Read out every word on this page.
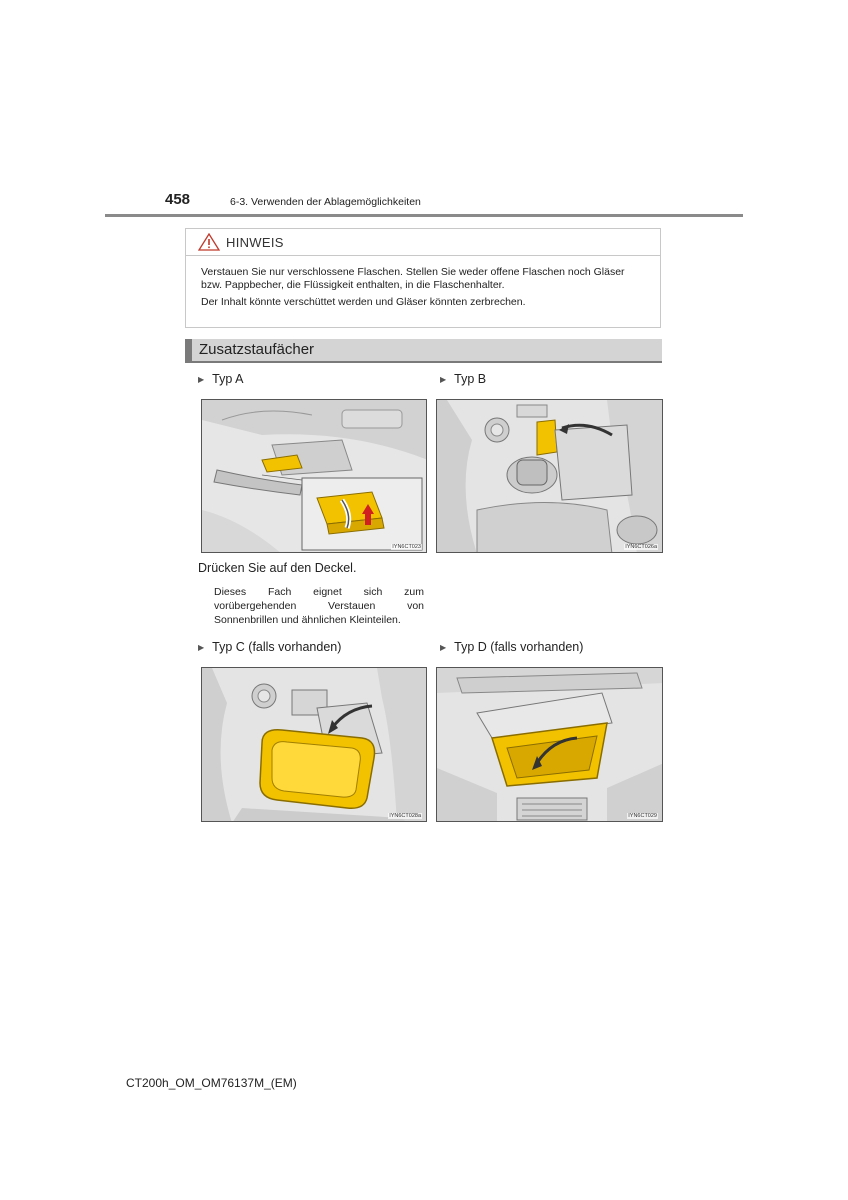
458	6-3. Verwenden der Ablagemöglichkeiten
HINWEIS

Verstauen Sie nur verschlossene Flaschen. Stellen Sie weder offene Flaschen noch Gläser bzw. Pappbecher, die Flüssigkeit enthalten, in die Flaschenhalter.

Der Inhalt könnte verschüttet werden und Gläser könnten zerbrechen.

Zusatzstaufächer
▶ Typ A	▶ Typ B
IYN6CT023	IYN6CT026a
Drücken Sie auf den Deckel.
Dieses Fach eignet sich zum vorübergehenden Verstauen von Sonnenbrillen und ähnlichen Kleinteilen.
▶ Typ C (falls vorhanden)	▶ Typ D (falls vorhanden)
IYN6CT028a	IYN6CT029
CT200h_OM_OM76137M_(EM)
